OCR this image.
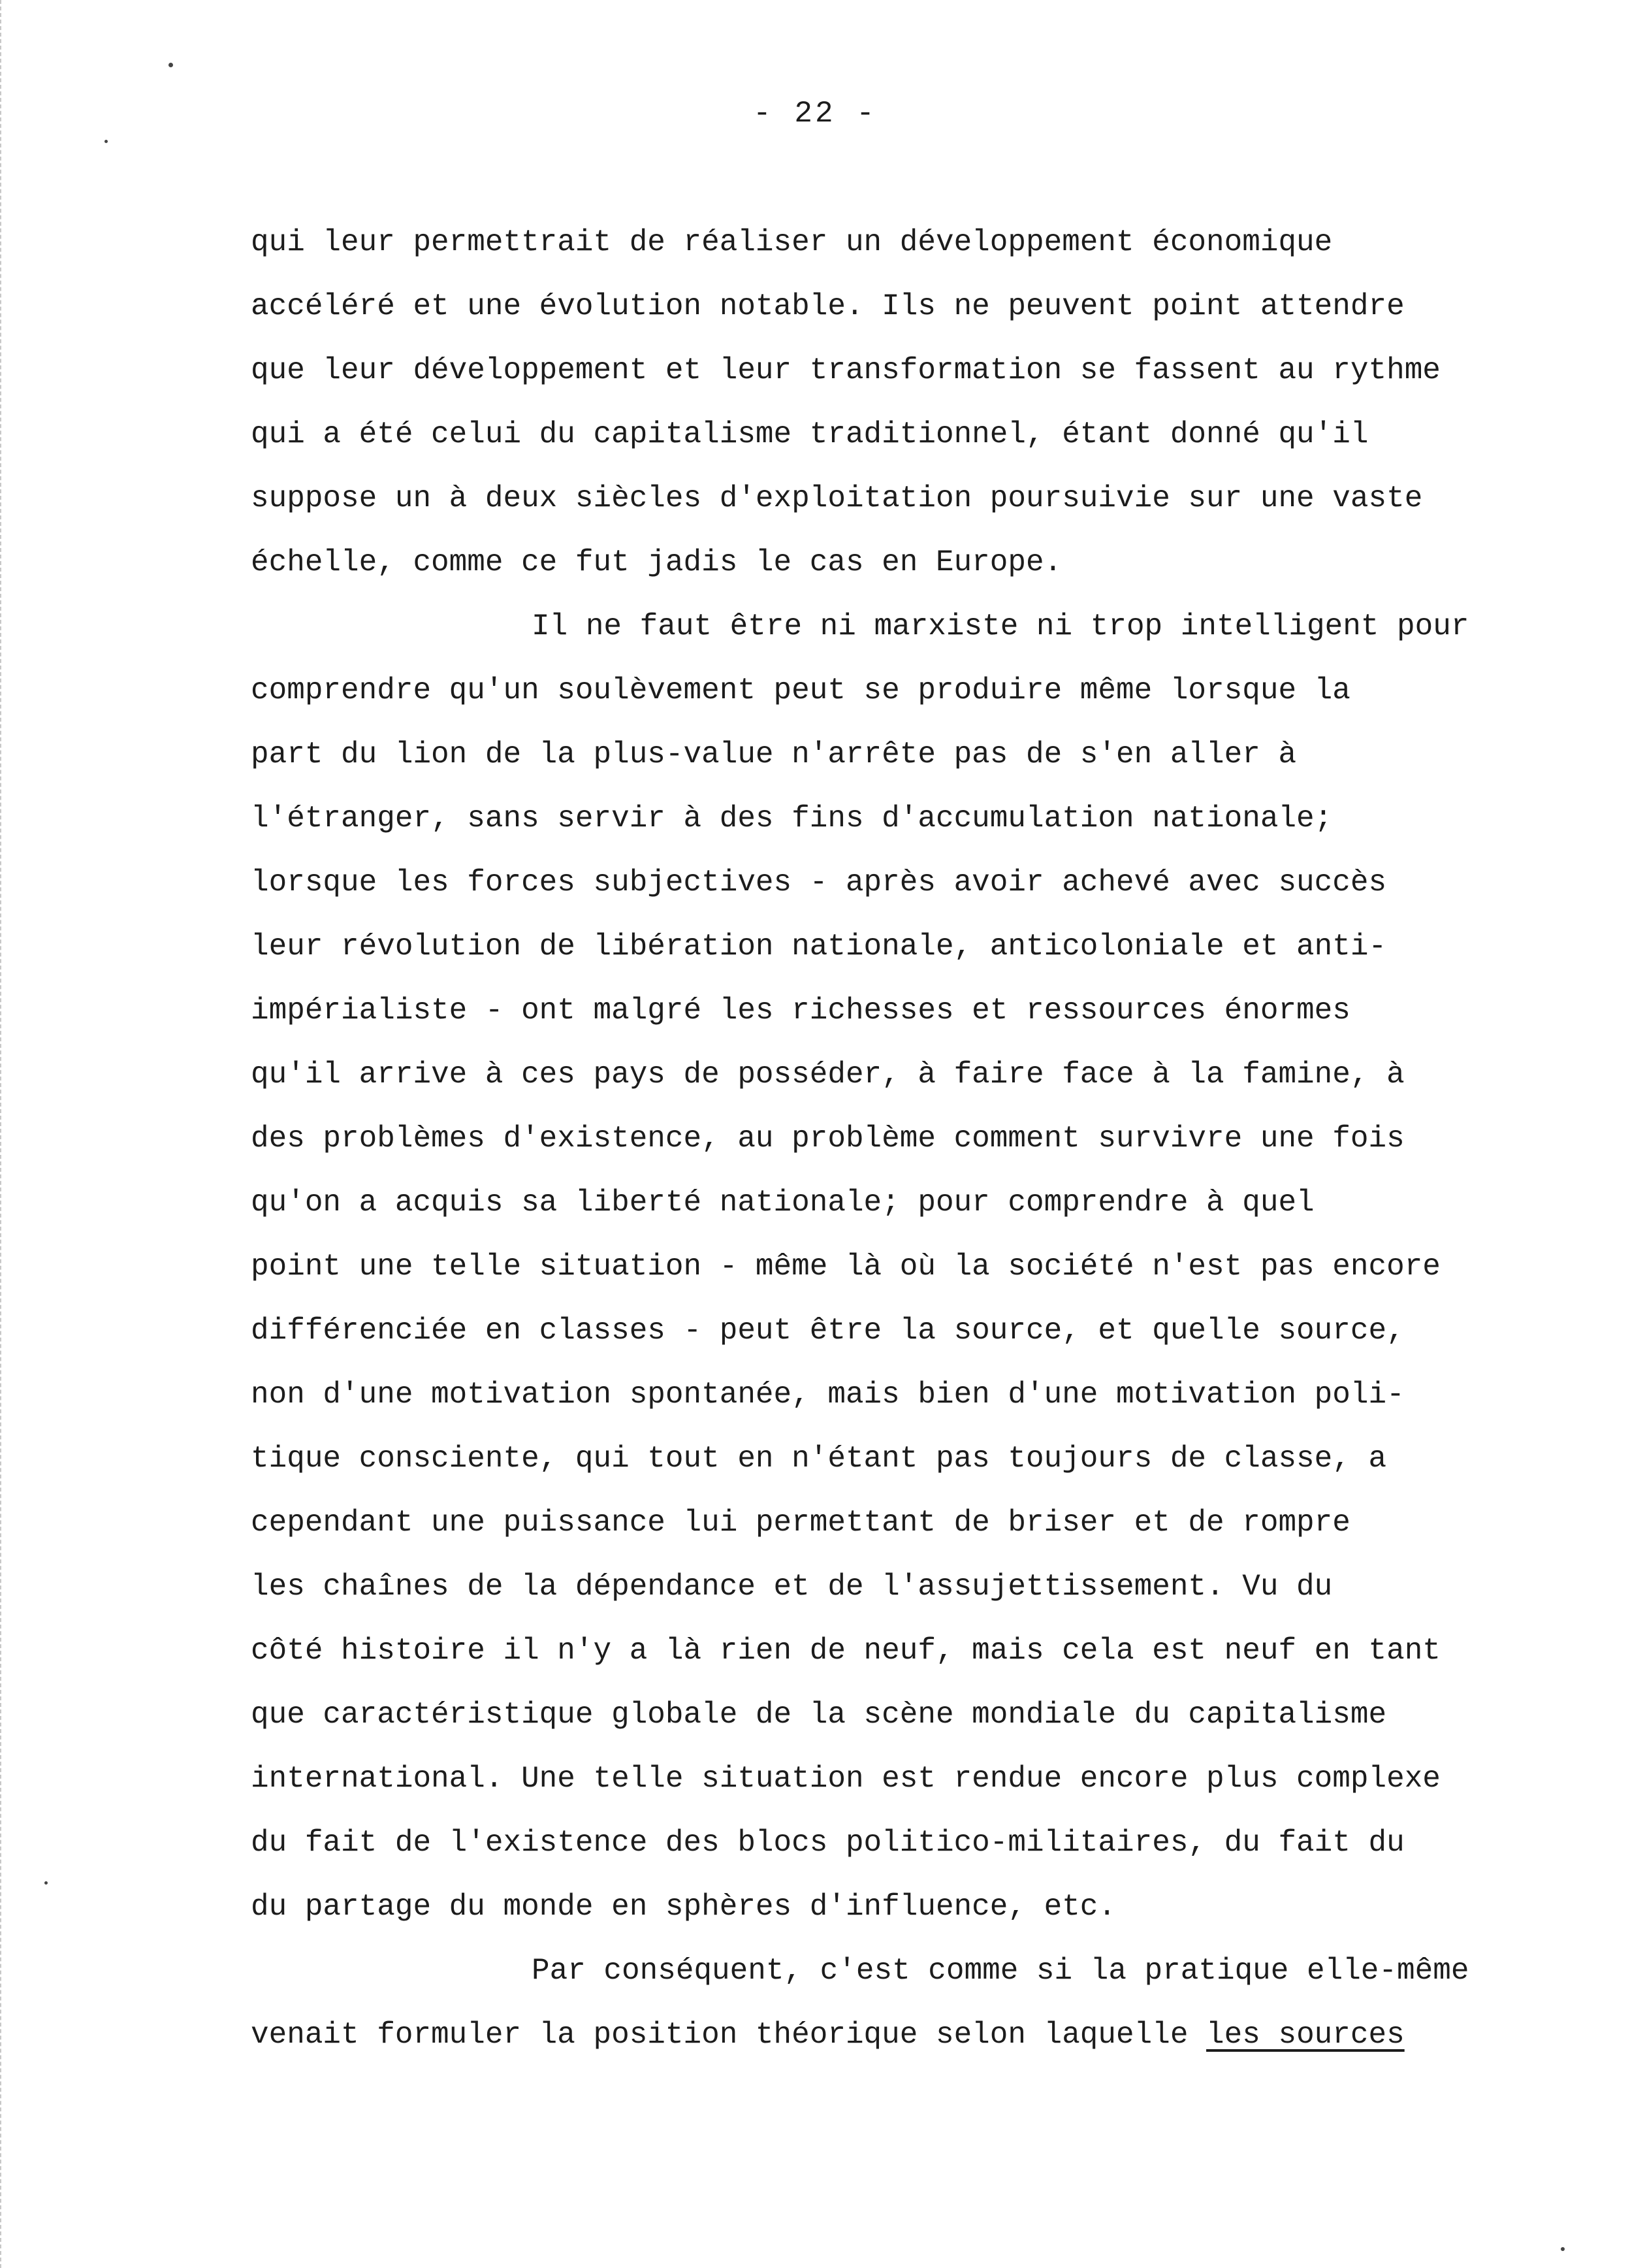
- 22 -
qui leur permettrait de réaliser un développement économique
accéléré et une évolution notable. Ils ne peuvent point attendre
que leur développement et leur transformation se fassent au rythme
qui a été celui du capitalisme traditionnel, étant donné qu'il
suppose un à deux siècles d'exploitation poursuivie sur une vaste
échelle, comme ce fut jadis le cas en Europe.
Il ne faut être ni marxiste ni trop intelligent pour
comprendre qu'un soulèvement peut se produire même lorsque la
part du lion de la plus-value n'arrête pas de s'en aller à
l'étranger, sans servir à des fins d'accumulation nationale;
lorsque les forces subjectives - après avoir achevé avec succès
leur révolution de libération nationale, anticoloniale et anti-
impérialiste - ont malgré les richesses et ressources énormes
qu'il arrive à ces pays de posséder, à faire face à la famine, à
des problèmes d'existence, au problème comment survivre une fois
qu'on a acquis sa liberté nationale; pour comprendre à quel
point une telle situation - même là où la société n'est pas encore
différenciée en classes - peut être la source, et quelle source,
non d'une motivation spontanée, mais bien d'une motivation poli-
tique consciente, qui tout en n'étant pas toujours de classe, a
cependant une puissance lui permettant de briser et de rompre
les chaînes de la dépendance et de l'assujettissement. Vu du
côté histoire il n'y a là rien de neuf, mais cela est neuf en tant
que caractéristique globale de la scène mondiale du capitalisme
international. Une telle situation est rendue encore plus complexe
du fait de l'existence des blocs politico-militaires, du fait du
du partage du monde en sphères d'influence, etc.
Par conséquent, c'est comme si la pratique elle-même
venait formuler la position théorique selon laquelle les sources
